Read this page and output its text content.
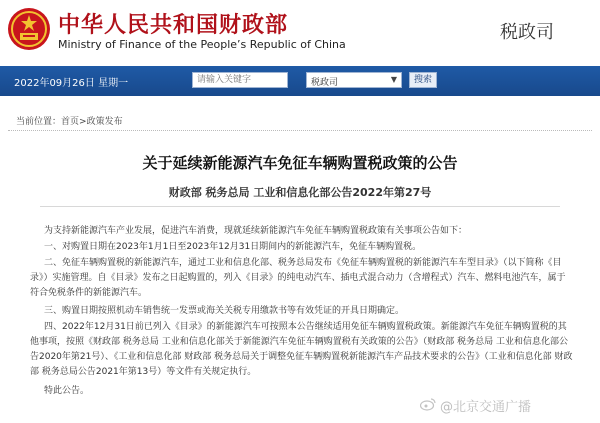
中华人民共和国财政部
Ministry of Finance of the People’s Republic of China
税政司
2022年09月26日 星期一
请输入关键字	税政司	▼	搜索
当前位置：首页>政策发布
关于延续新能源汽车免征车辆购置税政策的公告
财政部 税务总局 工业和信息化部公告2022年第27号
为支持新能源汽车产业发展，促进汽车消费，现就延续新能源汽车免征车辆购置税政策有关事项公告如下：
一、对购置日期在2023年1月1日至2023年12月31日期间内的新能源汽车，免征车辆购置税。
二、免征车辆购置税的新能源汽车，通过工业和信息化部、税务总局发布《免征车辆购置税的新能源汽车车型目录》（以下简称《目录》）实施管理。自《目录》发布之日起购置的，列入《目录》的纯电动汽车、插电式混合动力（含增程式）汽车、燃料电池汽车，属于符合免税条件的新能源汽车。
三、购置日期按照机动车销售统一发票或海关关税专用缴款书等有效凭证的开具日期确定。
四、2022年12月31日前已列入《目录》的新能源汽车可按照本公告继续适用免征车辆购置税政策。新能源汽车免征车辆购置税的其他事项，按照《财政部 税务总局 工业和信息化部关于新能源汽车免征车辆购置税有关政策的公告》（财政部 税务总局 工业和信息化部公告2020年第21号）、《工业和信息化部 财政部 税务总局关于调整免征车辆购置税新能源汽车产品技术要求的公告》（工业和信息化部 财政部 税务总局公告2021年第13号）等文件有关规定执行。
特此公告。
@北京交通广播
